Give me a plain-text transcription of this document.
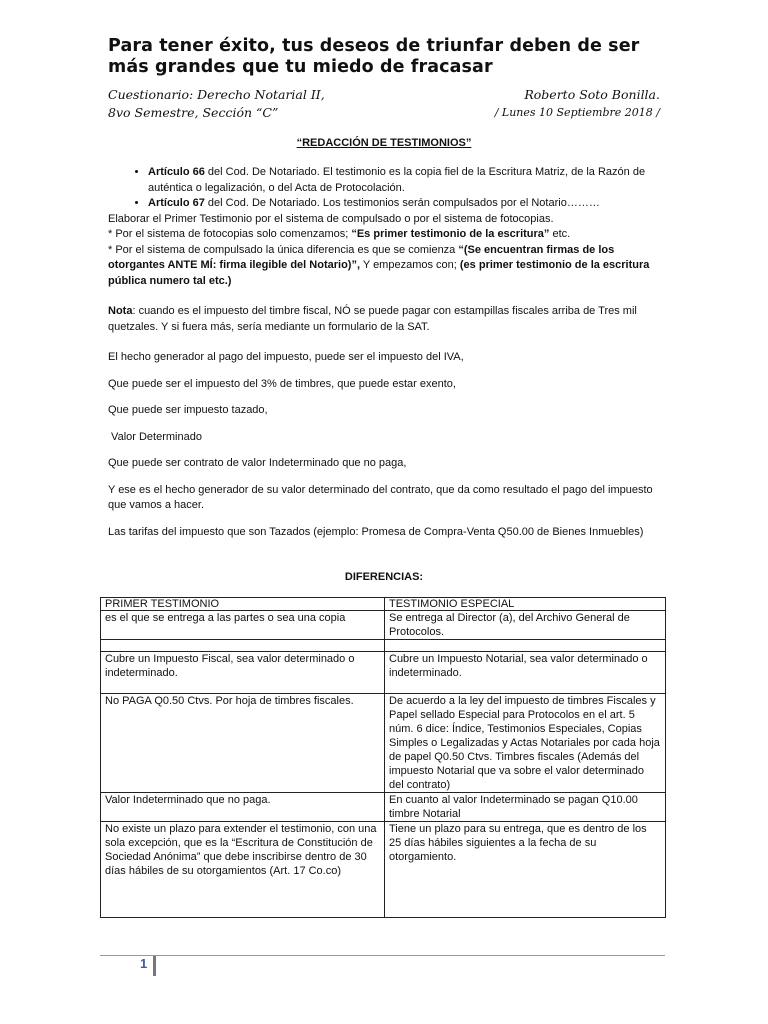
Para tener éxito, tus deseos de triunfar deben de ser más grandes que tu miedo de fracasar
Cuestionario: Derecho Notarial II,
8vo Semestre, Sección “C”
Roberto Soto Bonilla.
/ Lunes 10 Septiembre 2018 /
“REDACCIÓN DE TESTIMONIOS”
• Artículo 66 del Cod. De Notariado. El testimonio es la copia fiel de la Escritura Matriz, de la Razón de auténtica o legalización, o del Acta de Protocolación.
• Artículo 67 del Cod. De Notariado. Los testimonios serán compulsados por el Notario………

Elaborar el Primer Testimonio por el sistema de compulsado o por el sistema de fotocopias.

* Por el sistema de fotocopias solo comenzamos; “Es primer testimonio de la escritura” etc.

* Por el sistema de compulsado la única diferencia es que se comienza “(Se encuentran firmas de los otorgantes ANTE MÍ: firma ilegible del Notario)”, Y empezamos con; (es primer testimonio de la escritura pública numero tal etc.)

Nota: cuando es el impuesto del timbre fiscal, NÓ se puede pagar con estampillas fiscales arriba de Tres mil quetzales. Y si fuera más, sería mediante un formulario de la SAT.

El hecho generador al pago del impuesto, puede ser el impuesto del IVA,

Que puede ser el impuesto del 3% de timbres, que puede estar exento,

Que puede ser impuesto tazado,

Valor Determinado

Que puede ser contrato de valor Indeterminado que no paga,

Y ese es el hecho generador de su valor determinado del contrato, que da como resultado el pago del impuesto que vamos a hacer.

Las tarifas del impuesto que son Tazados (ejemplo: Promesa de Compra-Venta Q50.00 de Bienes Inmuebles)

DIFERENCIAS:
PRIMER TESTIMONIO	TESTIMONIO ESPECIAL
es el que se entrega a las partes o sea una copia	Se entrega al Director (a), del Archivo General de Protocolos.

Cubre un Impuesto Fiscal, sea valor determinado o indeterminado.	Cubre un Impuesto Notarial, sea valor determinado o indeterminado.
No PAGA Q0.50 Ctvs. Por hoja de timbres fiscales.	De acuerdo a la ley del impuesto de timbres Fiscales y Papel sellado Especial para Protocolos en el art. 5 núm. 6 dice: Índice, Testimonios Especiales, Copias Simples o Legalizadas y Actas Notariales por cada hoja de papel Q0.50 Ctvs. Timbres fiscales (Además del impuesto Notarial que va sobre el valor determinado del contrato)
Valor Indeterminado que no paga.	En cuanto al valor Indeterminado se pagan Q10.00 timbre Notarial
No existe un plazo para extender el testimonio, con una sola excepción, que es la “Escritura de Constitución de Sociedad Anónima” que debe inscribirse dentro de 30 días hábiles de su otorgamientos (Art. 17 Co.co)	Tiene un plazo para su entrega, que es dentro de los 25 días hábiles siguientes a la fecha de su otorgamiento.
1
